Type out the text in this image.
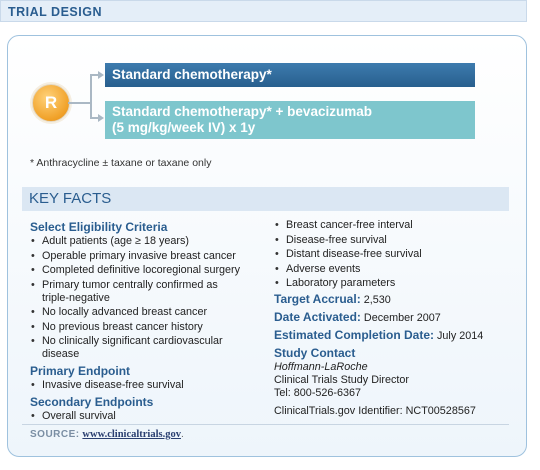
TRIAL DESIGN
R
Standard chemotherapy*
Standard chemotherapy* + bevacizumab
(5 mg/kg/week IV) x 1y
* Anthracycline ± taxane or taxane only
KEY FACTS
Select Eligibility Criteria
• Adult patients (age ≥ 18 years)
• Operable primary invasive breast cancer
• Completed definitive locoregional surgery
• Primary tumor centrally confirmed as
triple-negative
• No locally advanced breast cancer
• No previous breast cancer history
• No clinically significant cardiovascular
disease
Primary Endpoint
• Invasive disease-free survival
Secondary Endpoints
• Overall survival
• Breast cancer-free interval
• Disease-free survival
• Distant disease-free survival
• Adverse events
• Laboratory parameters
Target Accrual: 2,530
Date Activated: December 2007
Estimated Completion Date: July 2014
Study Contact
Hoffmann-LaRoche
Clinical Trials Study Director
Tel: 800-526-6367
ClinicalTrials.gov Identifier: NCT00528567
SOURCE: www.clinicaltrials.gov.
